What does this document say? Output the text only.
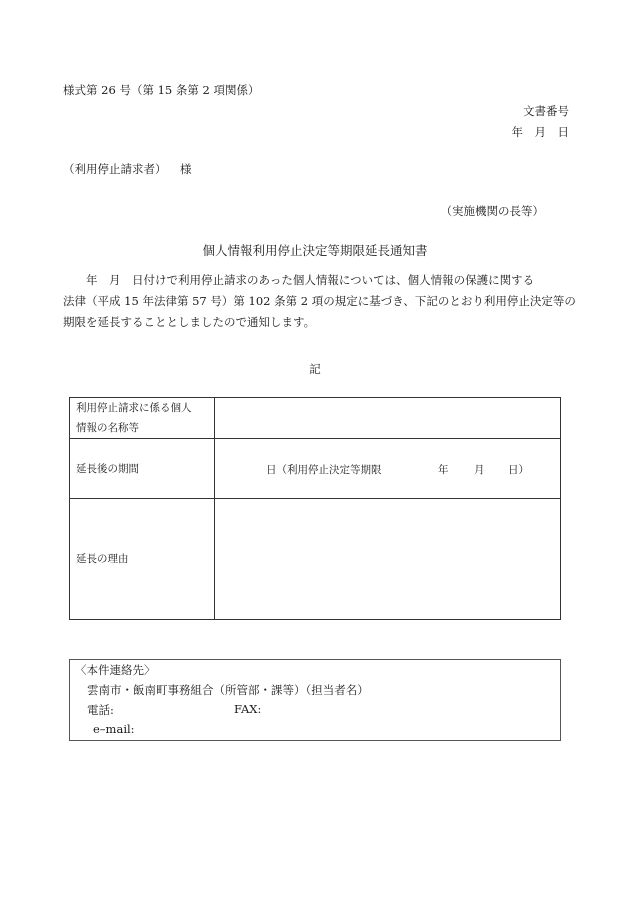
様式第 26 号（第 15 条第 2 項関係）
文書番号
年　月　日
（利用停止請求者） 様
（実施機関の長等）
個人情報利用停止決定等期限延長通知書
　　年　月　日付けで利用停止請求のあった個人情報については、個人情報の保護に関する
法律（平成 15 年法律第 57 号）第 102 条第 2 項の規定に基づき、下記のとおり利用停止決定等の
期限を延長することとしましたので通知します。
記
利用停止請求に係る個人
情報の名称等	
延長後の期間	日（利用停止決定等期限 年 月 日）

延長の理由	
〈本件連絡先〉
雲南市・飯南町事務組合（所管部・課等）（担当者名）
電話:	FAX:
e–mail:
